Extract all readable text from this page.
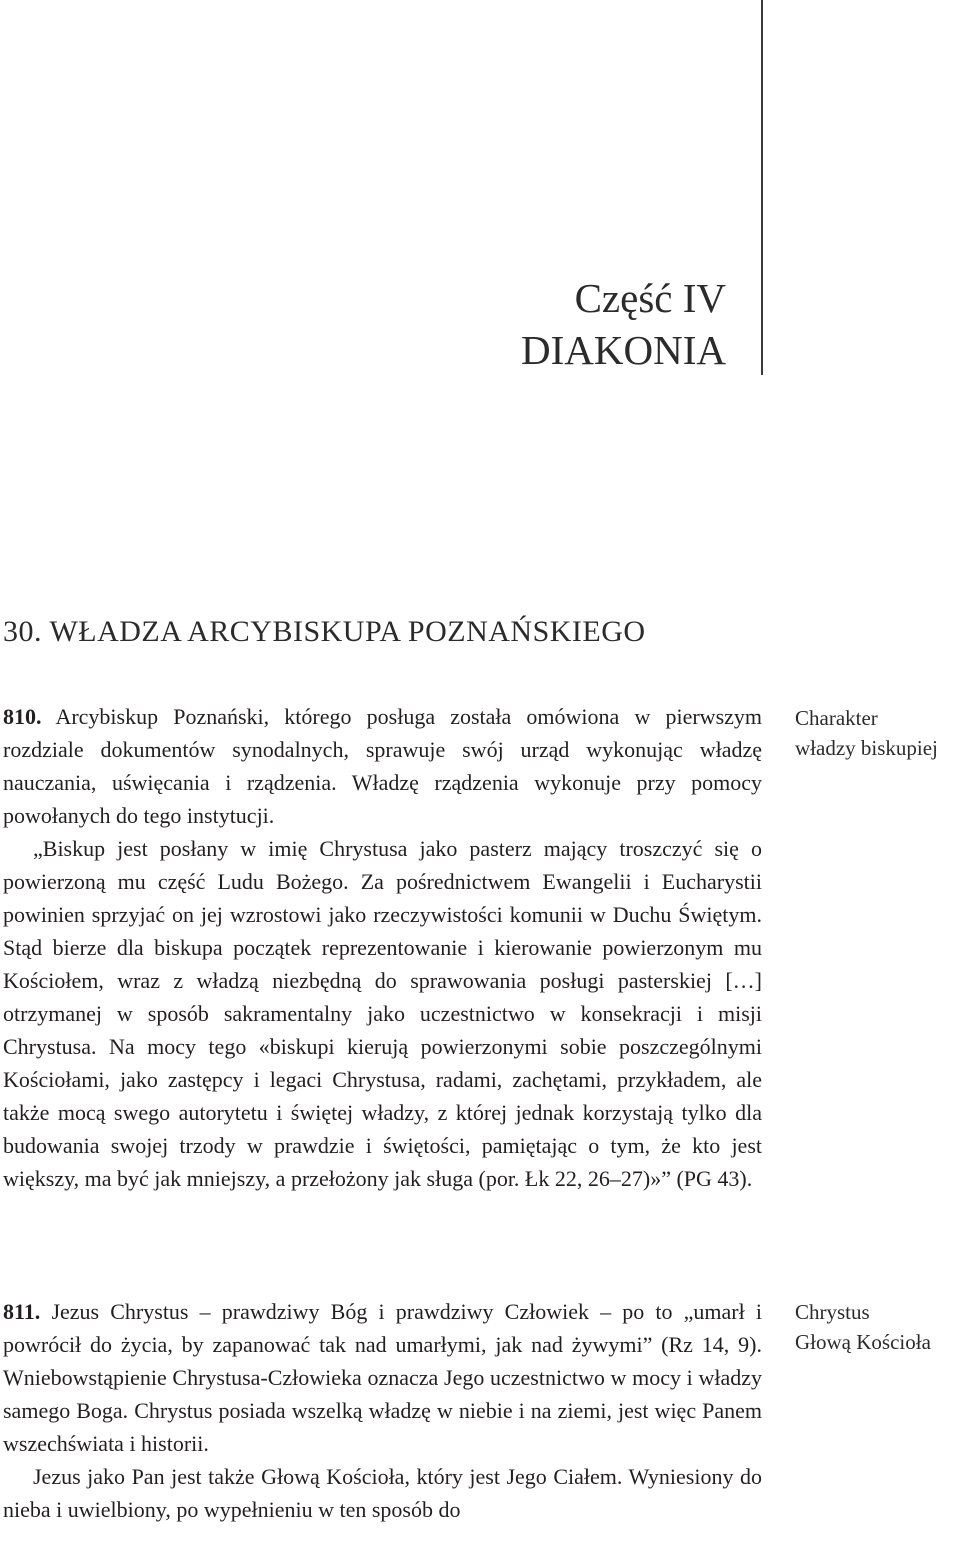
Część IV
DIAKONIA
30. WŁADZA ARCYBISKUPA POZNAŃSKIEGO

810. Arcybiskup Poznański, którego posługa została omówiona w pierwszym rozdziale dokumentów synodalnych, sprawuje swój urząd wykonując władzę nauczania, uświęcania i rządzenia. Władzę rządzenia wykonuje przy pomocy powołanych do tego instytucji.

„Biskup jest posłany w imię Chrystusa jako pasterz mający troszczyć się o powierzoną mu część Ludu Bożego. Za pośrednictwem Ewangelii i Eucharystii powinien sprzyjać on jej wzrostowi jako rzeczywistości komunii w Duchu Świętym. Stąd bierze dla biskupa początek reprezentowanie i kierowanie powierzonym mu Kościołem, wraz z władzą niezbędną do sprawowania posługi pasterskiej […] otrzymanej w sposób sakramentalny jako uczestnictwo w konsekracji i misji Chrystusa. Na mocy tego «biskupi kierują powierzonymi sobie poszczególnymi Kościołami, jako zastępcy i legaci Chrystusa, radami, zachętami, przykładem, ale także mocą swego autorytetu i świętej władzy, z której jednak korzystają tylko dla budowania swojej trzody w prawdzie i świętości, pamiętając o tym, że kto jest większy, ma być jak mniejszy, a przełożony jak sługa (por. Łk 22, 26–27)»” (PG 43).

Charakter
władzy biskupiej

811. Jezus Chrystus – prawdziwy Bóg i prawdziwy Człowiek – po to „umarł i powrócił do życia, by zapanować tak nad umarłymi, jak nad żywymi” (Rz 14, 9). Wniebowstąpienie Chrystusa-Człowieka oznacza Jego uczestnictwo w mocy i władzy samego Boga. Chrystus posiada wszelką władzę w niebie i na ziemi, jest więc Panem wszechświata i historii.

Jezus jako Pan jest także Głową Kościoła, który jest Jego Ciałem. Wyniesiony do nieba i uwielbiony, po wypełnieniu w ten sposób do

Chrystus
Głową Kościoła
